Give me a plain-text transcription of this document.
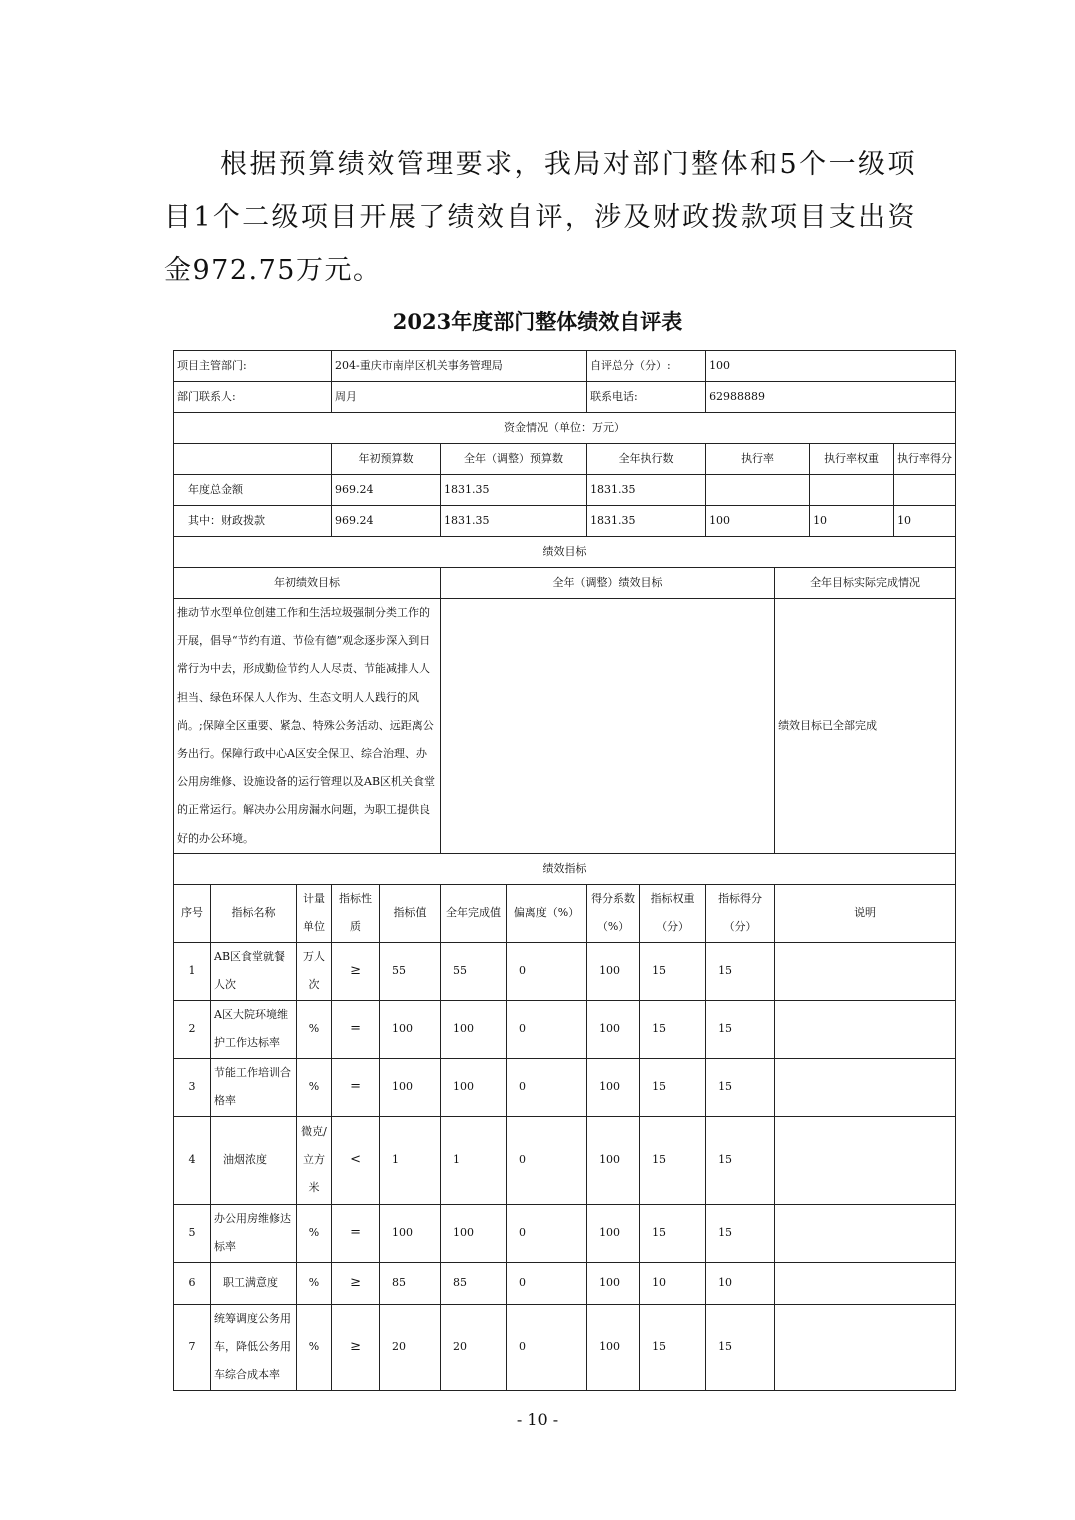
根据预算绩效管理要求，我局对部门整体和5个一级项目1个二级项目开展了绩效自评，涉及财政拨款项目支出资金972.75万元。

2023年度部门整体绩效自评表
项目主管部门:			204-重庆市南岸区机关事务管理局				自评总分（分）:		100			
部门联系人:			周月				联系电话:		62988889			
资金情况（单位：万元）												
			年初预算数		全年（调整）预算数		全年执行数		执行率		执行率权重	执行率得分
年度总金额			969.24		1831.35		1831.35					
其中：财政拨款			969.24		1831.35		1831.35		100		10	10
绩效目标												
年初绩效目标					全年（调整）绩效目标					全年目标实际完成情况		
推动节水型单位创建工作和生活垃圾强制分类工作的开展，倡导“节约有道、节俭有德”观念逐步深入到日常行为中去，形成勤俭节约人人尽责、节能减排人人担当、绿色环保人人作为、生态文明人人践行的风尚。;保障全区重要、紧急、特殊公务活动、远距离公务出行。保障行政中心A区安全保卫、综合治理、办公用房维修、设施设备的运行管理以及AB区机关食堂的正常运行。解决办公用房漏水问题，为职工提供良好的办公环境。										绩效目标已全部完成		
绩效指标												
序号	指标名称	计量单位	指标性质	指标值	全年完成值	偏离度（%）	得分系数（%）	指标权重（分）	指标得分（分）	说明		
1	AB区食堂就餐人次	万人次	≥	55	55	0	100	15	15			
2	A区大院环境维护工作达标率	%	=	100	100	0	100	15	15			
3	节能工作培训合格率	%	=	100	100	0	100	15	15			
4	油烟浓度	微克/立方米	<	1	1	0	100	15	15			
5	办公用房维修达标率	%	=	100	100	0	100	15	15			
6	职工满意度	%	≥	85	85	0	100	10	10			
7	统筹调度公务用车，降低公务用车综合成本率	%	≥	20	20	0	100	15	15			

- 10 -
